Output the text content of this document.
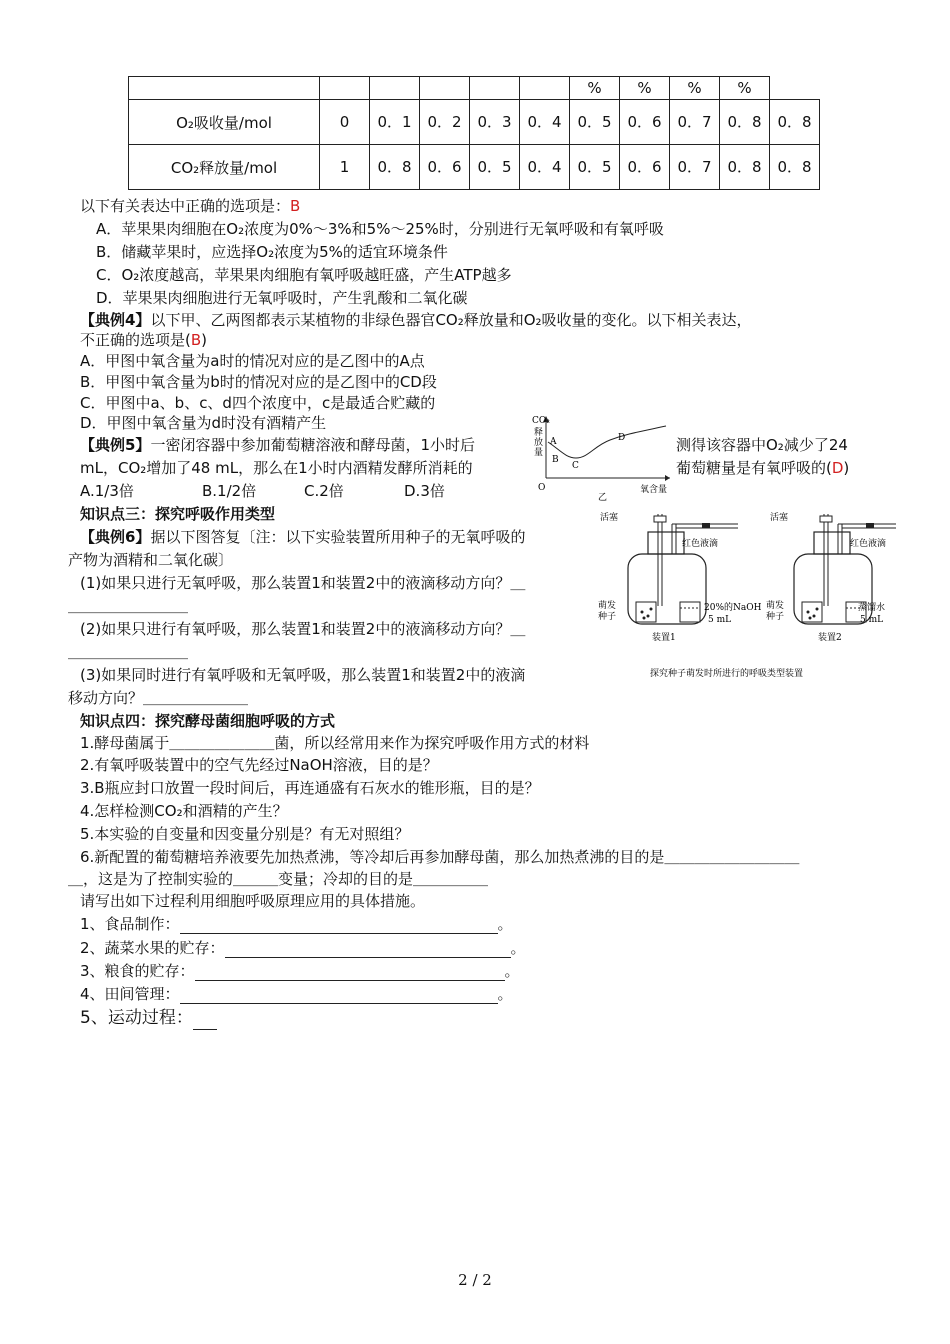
						%	%	%	%	
O₂吸收量/mol	0	0．1	0．2	0．3	0．4	0．5	0．6	0．7	0．8	0．8
CO₂释放量/mol	1	0．8	0．6	0．5	0．4	0．5	0．6	0．7	0．8	0．8
以下有关表达中正确的选项是：B
A．苹果果肉细胞在O₂浓度为0%～3%和5%～25%时，分别进行无氧呼吸和有氧呼吸
B．储藏苹果时，应选择O₂浓度为5%的适宜环境条件
C．O₂浓度越高，苹果果肉细胞有氧呼吸越旺盛，产生ATP越多
D．苹果果肉细胞进行无氧呼吸时，产生乳酸和二氧化碳
【典例4】以下甲、乙两图都表示某植物的非绿色器官CO₂释放量和O₂吸收量的变化。以下相关表达，
不正确的选项是(B)
A．甲图中氧含量为a时的情况对应的是乙图中的A点
B．甲图中氧含量为b时的情况对应的是乙图中的CD段
C．甲图中a、b、c、d四个浓度中，c是最适合贮藏的
D．甲图中氧含量为d时没有酒精产生
【典例5】一密闭容器中参加葡萄糖溶液和酵母菌，1小时后	测得该容器中O₂减少了24
mL，CO₂增加了48 mL，那么在1小时内酒精发酵所消耗的	葡萄糖量是有氧呼吸的(D)
A.1/3倍	B.1/2倍	C.2倍	D.3倍
CO₂
释
放
量
O
A
B
C
D
氧含量
乙
知识点三：探究呼吸作用类型
【典例6】据以下图答复〔注：以下实验装置所用种子的无氧呼吸的
产物为酒精和二氧化碳〕
(1)如果只进行无氧呼吸，那么装置1和装置2中的液滴移动方向？＿
＿＿＿＿＿＿＿＿
(2)如果只进行有氧呼吸，那么装置1和装置2中的液滴移动方向？＿
＿＿＿＿＿＿＿＿
(3)如果同时进行有氧呼吸和无氧呼吸，那么装置1和装置2中的液滴
移动方向？＿＿＿＿＿＿＿
活塞
红色液滴
萌发
种子
20%的NaOH
5 mL
装置1
活塞
红色液滴
萌发
种子
蒸馏水
5 mL
装置2
探究种子萌发时所进行的呼吸类型装置
知识点四：探究酵母菌细胞呼吸的方式
1.酵母菌属于＿＿＿＿＿＿＿菌，所以经常用来作为探究呼吸作用方式的材料
2.有氧呼吸装置中的空气先经过NaOH溶液，目的是？
3.B瓶应封口放置一段时间后，再连通盛有石灰水的锥形瓶，目的是？
4.怎样检测CO₂和酒精的产生？
5.本实验的自变量和因变量分别是？有无对照组？
6.新配置的葡萄糖培养液要先加热煮沸，等冷却后再参加酵母菌，那么加热煮沸的目的是＿＿＿＿＿＿＿＿＿
＿，这是为了控制实验的＿＿＿变量；冷却的目的是＿＿＿＿＿
请写出如下过程利用细胞呼吸原理应用的具体措施。
1、食品制作：	。
2、蔬菜水果的贮存：	。
3、粮食的贮存：	。
4、田间管理：	。
5、运动过程：
2 / 2
